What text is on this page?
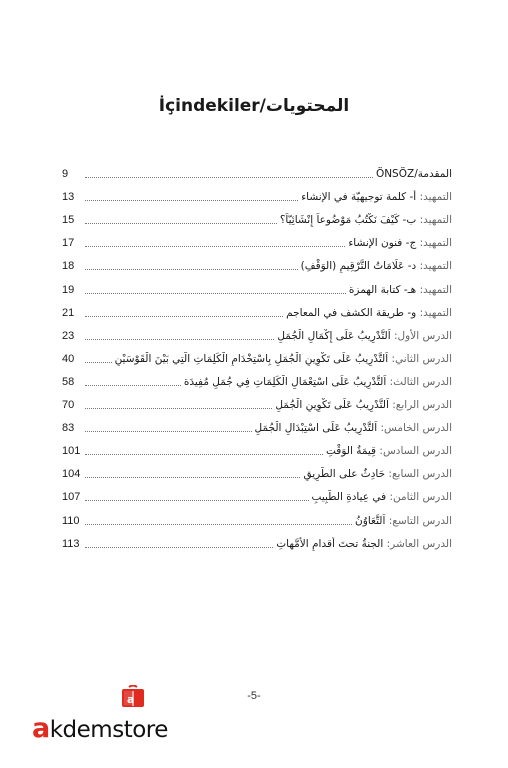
İçindekiler/المحتويات
9	المقدمة/ÖNSÖZ
13	التمهيد: أ- كلمة توجيهيّة في الإنشاء
15	التمهيد: ب- كَيْفَ نَكْتُبُ مَوْضُوعاً إِنْشَائِيّاً؟
17	التمهيد: ج- فنون الإنشاء
18	التمهيد: د- عَلَامَاتُ التَّرْقِيمِ (الوَقْفِ)
19	التمهيد: هـ- كتابة الهمزة
21	التمهيد: و- طريقة الكشف في المعاجم
23	الدرس الأول: اَلتَّدْرِيبُ عَلَى إِكْمَالِ الْجُمَلِ
40	الدرس الثاني: اَلتَّدْرِيبُ عَلَى تَكْوِينِ الْجُمَلِ بِاسْتِخْدَامِ الْكَلِمَاتِ الَّتِي بَيْنَ الْقَوْسَيْنِ
58	الدرس الثالث: اَلتَّدْرِيبُ عَلَى اسْتِعْمَالِ الْكَلِمَاتِ فِي جُمَلٍ مُفِيدَة
70	الدرس الرابع: اَلتَّدْرِيبُ عَلَى تَكْوِينِ الْجُمَلِ
83	الدرس الخامس: اَلتَّدْرِيبُ عَلَى اسْتِبْدَالِ الْجُمَلِ
101	الدرس السادس: قِيمَةُ الوَقْتِ
104	الدرس السابع: حَادِثٌ على الطَّرِيقِ
107	الدرس الثامن: في عِيادةِ الطَّبِيبِ
110	الدرس التاسع: اَلتَّعَاوُنُ
113	الدرس العاشر: الجنةُ تحتَ أقدامِ الأمَّهاتِ
-5-
a
akdemstore
